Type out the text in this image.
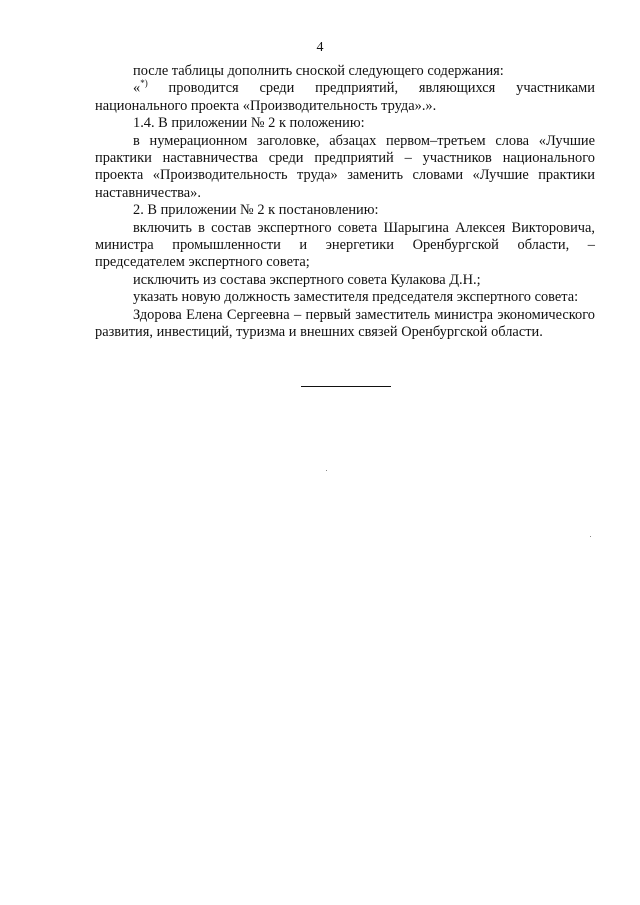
4

после таблицы дополнить сноской следующего содержания:

«*) проводится среди предприятий, являющихся участниками национального проекта «Производительность труда».».

1.4. В приложении № 2 к положению:

в нумерационном заголовке, абзацах первом–третьем слова «Лучшие практики наставничества среди предприятий – участников национального проекта «Производительность труда» заменить словами «Лучшие практики наставничества».

2. В приложении № 2 к постановлению:

включить в состав экспертного совета Шарыгина Алексея Викторовича, министра промышленности и энергетики Оренбургской области, – председателем экспертного совета;

исключить из состава экспертного совета Кулакова Д.Н.;

указать новую должность заместителя председателя экспертного совета:

Здорова Елена Сергеевна – первый заместитель министра экономического развития, инвестиций, туризма и внешних связей Оренбургской области.
